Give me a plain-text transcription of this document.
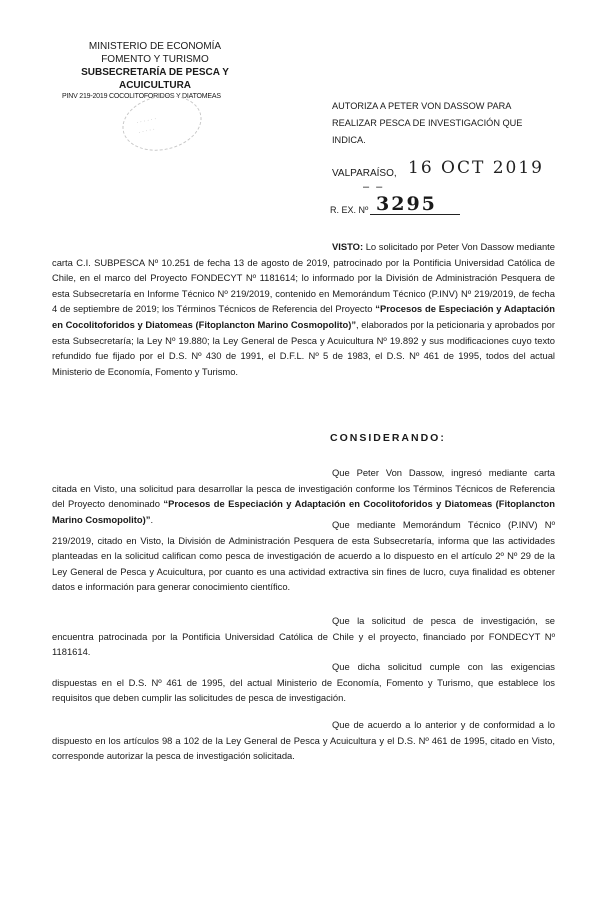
MINISTERIO DE ECONOMÍA
FOMENTO Y TURISMO
SUBSECRETARÍA DE PESCA Y ACUICULTURA
PINV 219-2019 COCOLITOFORIDOS Y DIATOMEAS
· · · · · ·
· · · · ·
AUTORIZA A PETER VON DASSOW PARA REALIZAR PESCA DE INVESTIGACIÓN QUE INDICA.
VALPARAÍSO, 16 OCT 2019
– –
R. EX. Nº 3295
VISTO: Lo solicitado por Peter Von Dassow mediante carta C.I. SUBPESCA Nº 10.251 de fecha 13 de agosto de 2019, patrocinado por la Pontificia Universidad Católica de Chile, en el marco del Proyecto FONDECYT Nº 1181614; lo informado por la División de Administración Pesquera de esta Subsecretaría en Informe Técnico Nº 219/2019, contenido en Memorándum Técnico (P.INV) Nº 219/2019, de fecha 4 de septiembre de 2019; los Términos Técnicos de Referencia del Proyecto “Procesos de Especiación y Adaptación en Cocolitoforidos y Diatomeas (Fitoplancton Marino Cosmopolito)”, elaborados por la peticionaria y aprobados por esta Subsecretaría; la Ley Nº 19.880; la Ley General de Pesca y Acuicultura Nº 19.892 y sus modificaciones cuyo texto refundido fue fijado por el D.S. Nº 430 de 1991, el D.F.L. Nº 5 de 1983, el D.S. Nº 461 de 1995, todos del actual Ministerio de Economía, Fomento y Turismo.
CONSIDERANDO:
Que Peter Von Dassow, ingresó mediante carta citada en Visto, una solicitud para desarrollar la pesca de investigación conforme los Términos Técnicos de Referencia del Proyecto denominado “Procesos de Especiación y Adaptación en Cocolitoforidos y Diatomeas (Fitoplancton Marino Cosmopolito)”.	Que mediante Memorándum Técnico (P.INV) Nº 219/2019, citado en Visto, la División de Administración Pesquera de esta Subsecretaría, informa que las actividades planteadas en la solicitud califican como pesca de investigación de acuerdo a lo dispuesto en el artículo 2º Nº 29 de la Ley General de Pesca y Acuicultura, por cuanto es una actividad extractiva sin fines de lucro, cuya finalidad es obtener datos e información para generar conocimiento científico.
Que la solicitud de pesca de investigación, se encuentra patrocinada por la Pontificia Universidad Católica de Chile y el proyecto, financiado por FONDECYT Nº 1181614.
Que dicha solicitud cumple con las exigencias dispuestas en el D.S. Nº 461 de 1995, del actual Ministerio de Economía, Fomento y Turismo, que establece los requisitos que deben cumplir las solicitudes de pesca de investigación.
Que de acuerdo a lo anterior y de conformidad a lo dispuesto en los artículos 98 a 102 de la Ley General de Pesca y Acuicultura y el D.S. Nº 461 de 1995, citado en Visto, corresponde autorizar la pesca de investigación solicitada.
